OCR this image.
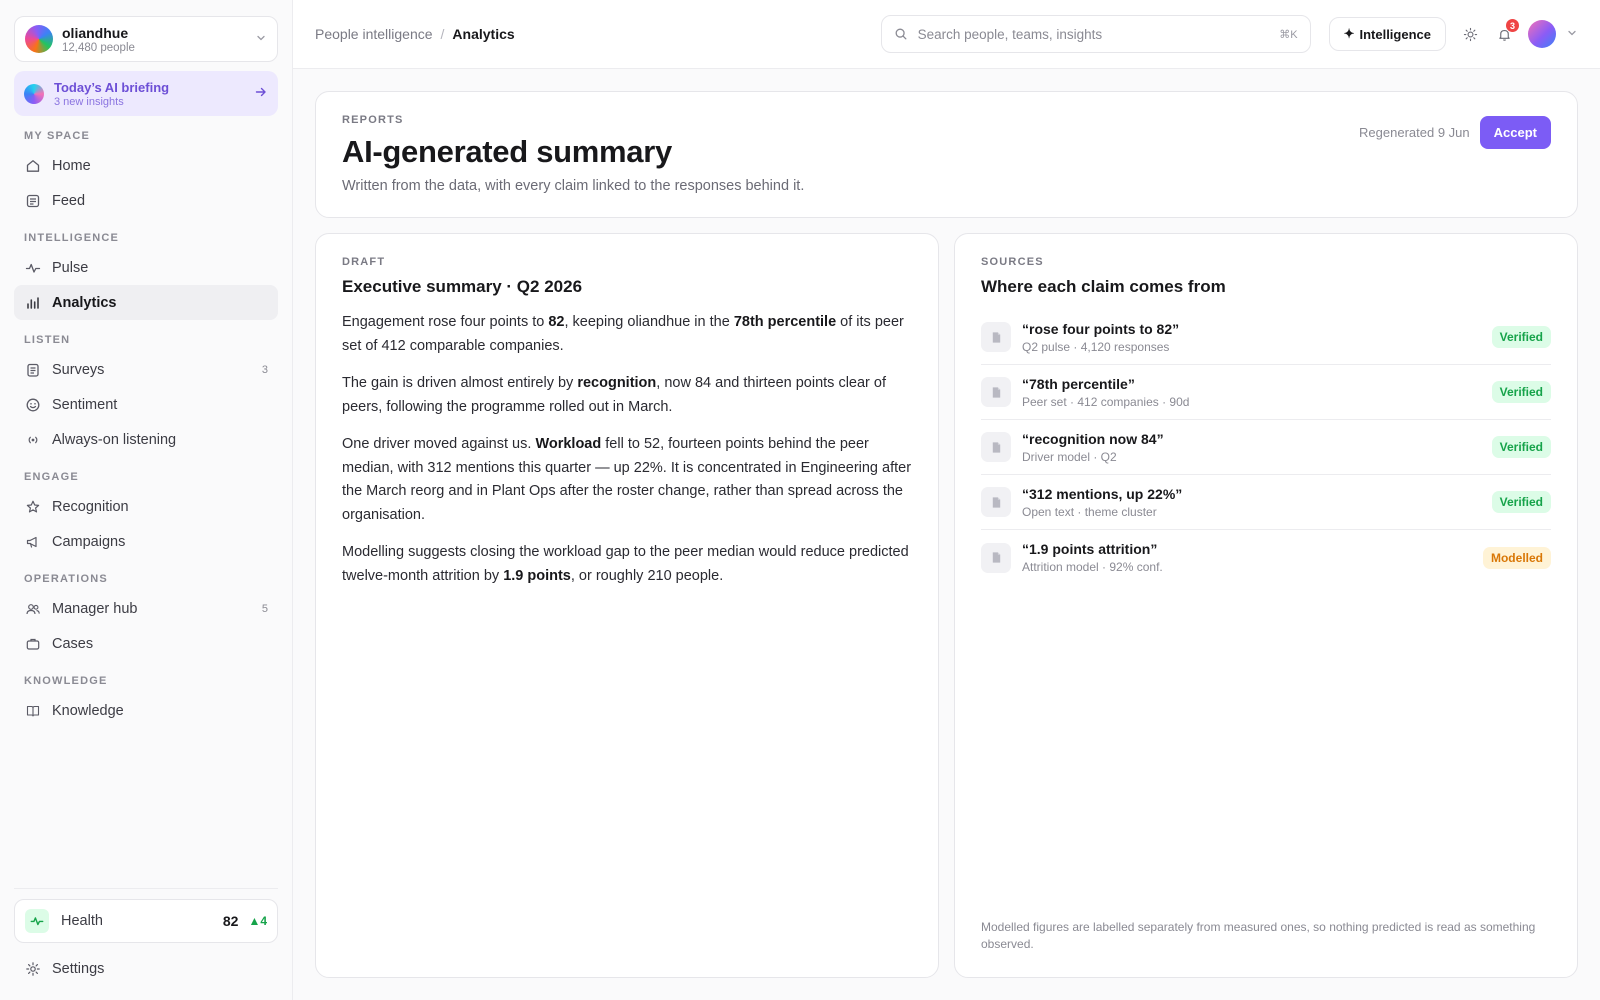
oliandhue
12,480 people
Today’s AI briefing
3 new insights
MY SPACE
Home
Feed
INTELLIGENCE
Pulse
Analytics
LISTEN
Surveys	3
Sentiment
Always-on listening
ENGAGE
Recognition
Campaigns
OPERATIONS
Manager hub	5
Cases
KNOWLEDGE
Knowledge
Health	82 ▲4
Settings
People intelligence / Analytics
Search people, teams, insights	⌘K	✦ Intelligence
3
REPORTS
AI-generated summary
Written from the data, with every claim linked to the responses behind it.
Regenerated 9 Jun	Accept
DRAFT
Executive summary · Q2 2026

Engagement rose four points to 82, keeping oliandhue in the 78th percentile of its peer set of 412 comparable companies.

The gain is driven almost entirely by recognition, now 84 and thirteen points clear of peers, following the programme rolled out in March.

One driver moved against us. Workload fell to 52, fourteen points behind the peer median, with 312 mentions this quarter — up 22%. It is concentrated in Engineering after the March reorg and in Plant Ops after the roster change, rather than spread across the organisation.

Modelling suggests closing the workload gap to the peer median would reduce predicted twelve-month attrition by 1.9 points, or roughly 210 people.

SOURCES
Where each claim comes from
“rose four points to 82”
Q2 pulse · 4,120 responses
Verified
“78th percentile”
Peer set · 412 companies · 90d
Verified
“recognition now 84”
Driver model · Q2
Verified
“312 mentions, up 22%”
Open text · theme cluster
Verified
“1.9 points attrition”
Attrition model · 92% conf.
Modelled
Modelled figures are labelled separately from measured ones, so nothing predicted is read as something observed.
